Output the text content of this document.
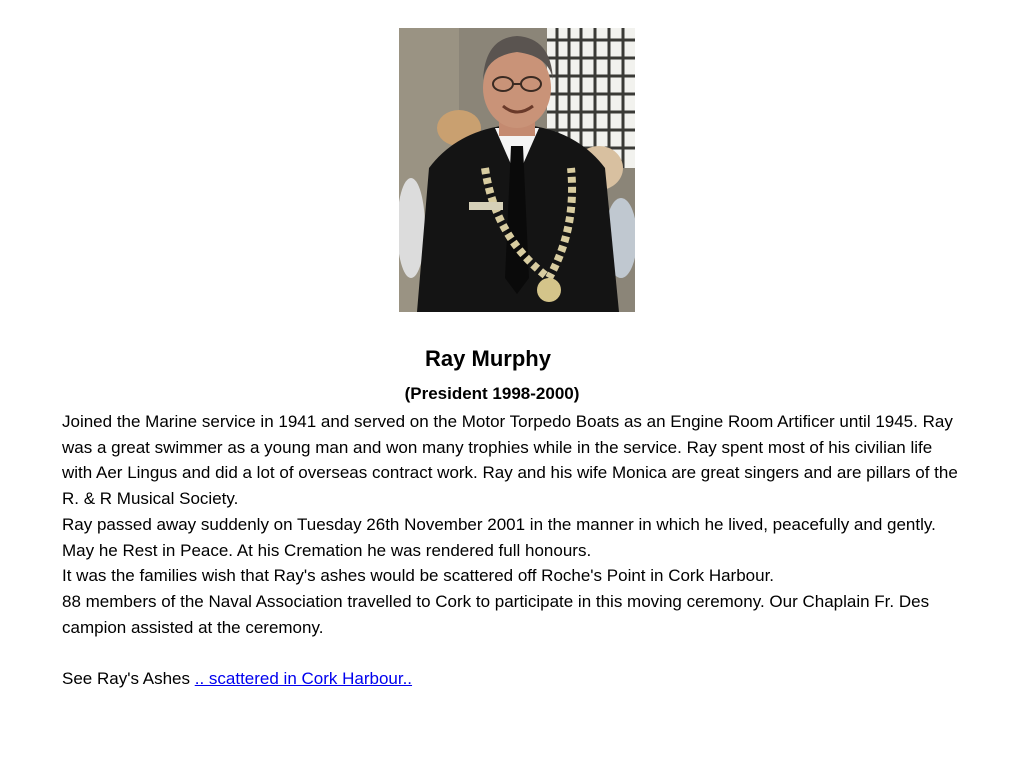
Ray Murphy
(President 1998-2000)

Joined the Marine service in 1941 and served on the Motor Torpedo Boats as an Engine Room Artificer until 1945. Ray was a great swimmer as a young man and won many trophies while in the service. Ray spent most of his civilian life with Aer Lingus and did a lot of overseas contract work. Ray and his wife Monica are great singers and are pillars of the R. & R Musical Society.

Ray passed away suddenly on Tuesday 26th November 2001 in the manner in which he lived, peacefully and gently. May he Rest in Peace. At his Cremation he was rendered full honours.

It was the families wish that Ray's ashes would be scattered off Roche's Point in Cork Harbour.

88 members of the Naval Association travelled to Cork to participate in this moving ceremony. Our Chaplain Fr. Des campion assisted at the ceremony.

See Ray's Ashes .. scattered in Cork Harbour..
